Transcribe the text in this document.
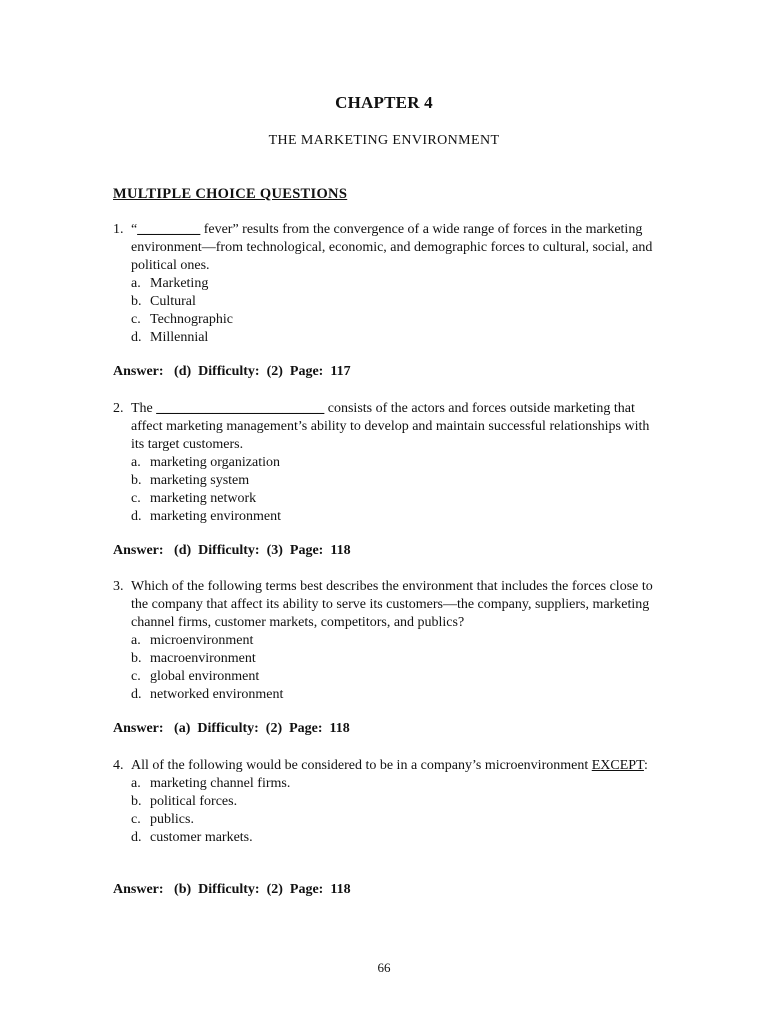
CHAPTER 4
THE MARKETING ENVIRONMENT
MULTIPLE CHOICE QUESTIONS
1. “_________ fever” results from the convergence of a wide range of forces in the marketing environment—from technological, economic, and demographic forces to cultural, social, and political ones.
a. Marketing
b. Cultural
c. Technographic
d. Millennial
Answer:   (d)  Difficulty:  (2)  Page:  117
2. The ________________________ consists of the actors and forces outside marketing that affect marketing management’s ability to develop and maintain successful relationships with its target customers.
a. marketing organization
b. marketing system
c. marketing network
d. marketing environment
Answer:   (d)  Difficulty:  (3)  Page:  118
3. Which of the following terms best describes the environment that includes the forces close to the company that affect its ability to serve its customers—the company, suppliers, marketing channel firms, customer markets, competitors, and publics?
a. microenvironment
b. macroenvironment
c. global environment
d. networked environment
Answer:   (a)  Difficulty:  (2)  Page:  118
4. All of the following would be considered to be in a company’s microenvironment EXCEPT:
a. marketing channel firms.
b. political forces.
c. publics.
d. customer markets.
Answer:   (b)  Difficulty:  (2)  Page:  118
66
